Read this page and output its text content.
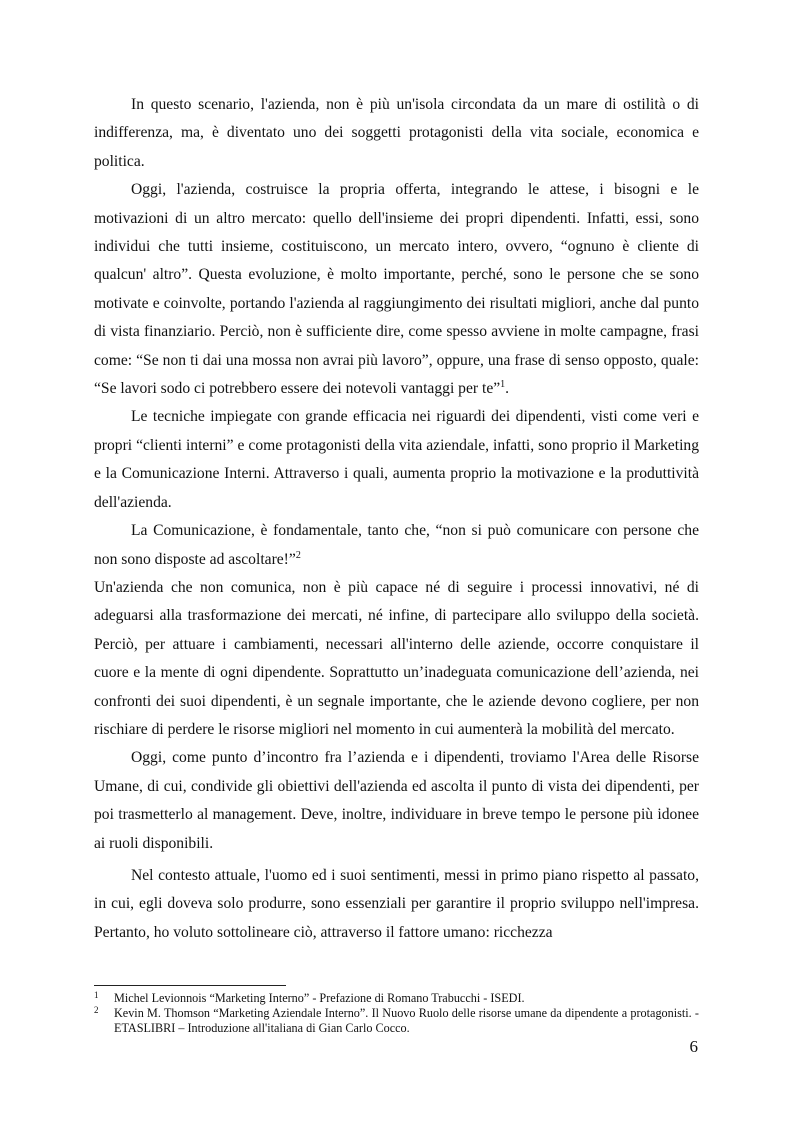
In questo scenario, l'azienda, non è più un'isola circondata da un mare di ostilità o di indifferenza, ma, è diventato uno dei soggetti protagonisti della vita sociale, economica e politica.

Oggi, l'azienda, costruisce la propria offerta, integrando le attese, i bisogni e le motivazioni di un altro mercato: quello dell'insieme dei propri dipendenti. Infatti, essi, sono individui che tutti insieme, costituiscono, un mercato intero, ovvero, “ognuno è cliente di qualcun' altro”. Questa evoluzione, è molto importante, perché, sono le persone che se sono motivate e coinvolte, portando l'azienda al raggiungimento dei risultati migliori, anche dal punto di vista finanziario. Perciò, non è sufficiente dire, come spesso avviene in molte campagne, frasi come: “Se non ti dai una mossa non avrai più lavoro”, oppure, una frase di senso opposto, quale: “Se lavori sodo ci potrebbero essere dei notevoli vantaggi per te”$^1$.

Le tecniche impiegate con grande efficacia nei riguardi dei dipendenti, visti come veri e propri “clienti interni” e come protagonisti della vita aziendale, infatti, sono proprio il Marketing e la Comunicazione Interni. Attraverso i quali, aumenta proprio la motivazione e la produttività dell'azienda.

La Comunicazione, è fondamentale, tanto che, “non si può comunicare con persone che non sono disposte ad ascoltare!”$^2$

Un'azienda che non comunica, non è più capace né di seguire i processi innovativi, né di adeguarsi alla trasformazione dei mercati, né infine, di partecipare allo sviluppo della società. Perciò, per attuare i cambiamenti, necessari all'interno delle aziende, occorre conquistare il cuore e la mente di ogni dipendente. Soprattutto un’inadeguata comunicazione dell’azienda, nei confronti dei suoi dipendenti, è un segnale importante, che le aziende devono cogliere, per non rischiare di perdere le risorse migliori nel momento in cui aumenterà la mobilità del mercato.

Oggi, come punto d’incontro fra l’azienda e i dipendenti, troviamo l'Area delle Risorse Umane, di cui, condivide gli obiettivi dell'azienda ed ascolta il punto di vista dei dipendenti, per poi trasmetterlo al management. Deve, inoltre, individuare in breve tempo le persone più idonee ai ruoli disponibili.

Nel contesto attuale, l'uomo ed i suoi sentimenti, messi in primo piano rispetto al passato, in cui, egli doveva solo produrre, sono essenziali per garantire il proprio sviluppo nell'impresa. Pertanto, ho voluto sottolineare ciò, attraverso il fattore umano: ricchezza

1 Michel Levionnois “Marketing Interno” - Prefazione di Romano Trabucchi - ISEDI.
2 Kevin M. Thomson “Marketing Aziendale Interno”. Il Nuovo Ruolo delle risorse umane da dipendente a protagonisti. - ETASLIBRI – Introduzione all'italiana di Gian Carlo Cocco.
6
